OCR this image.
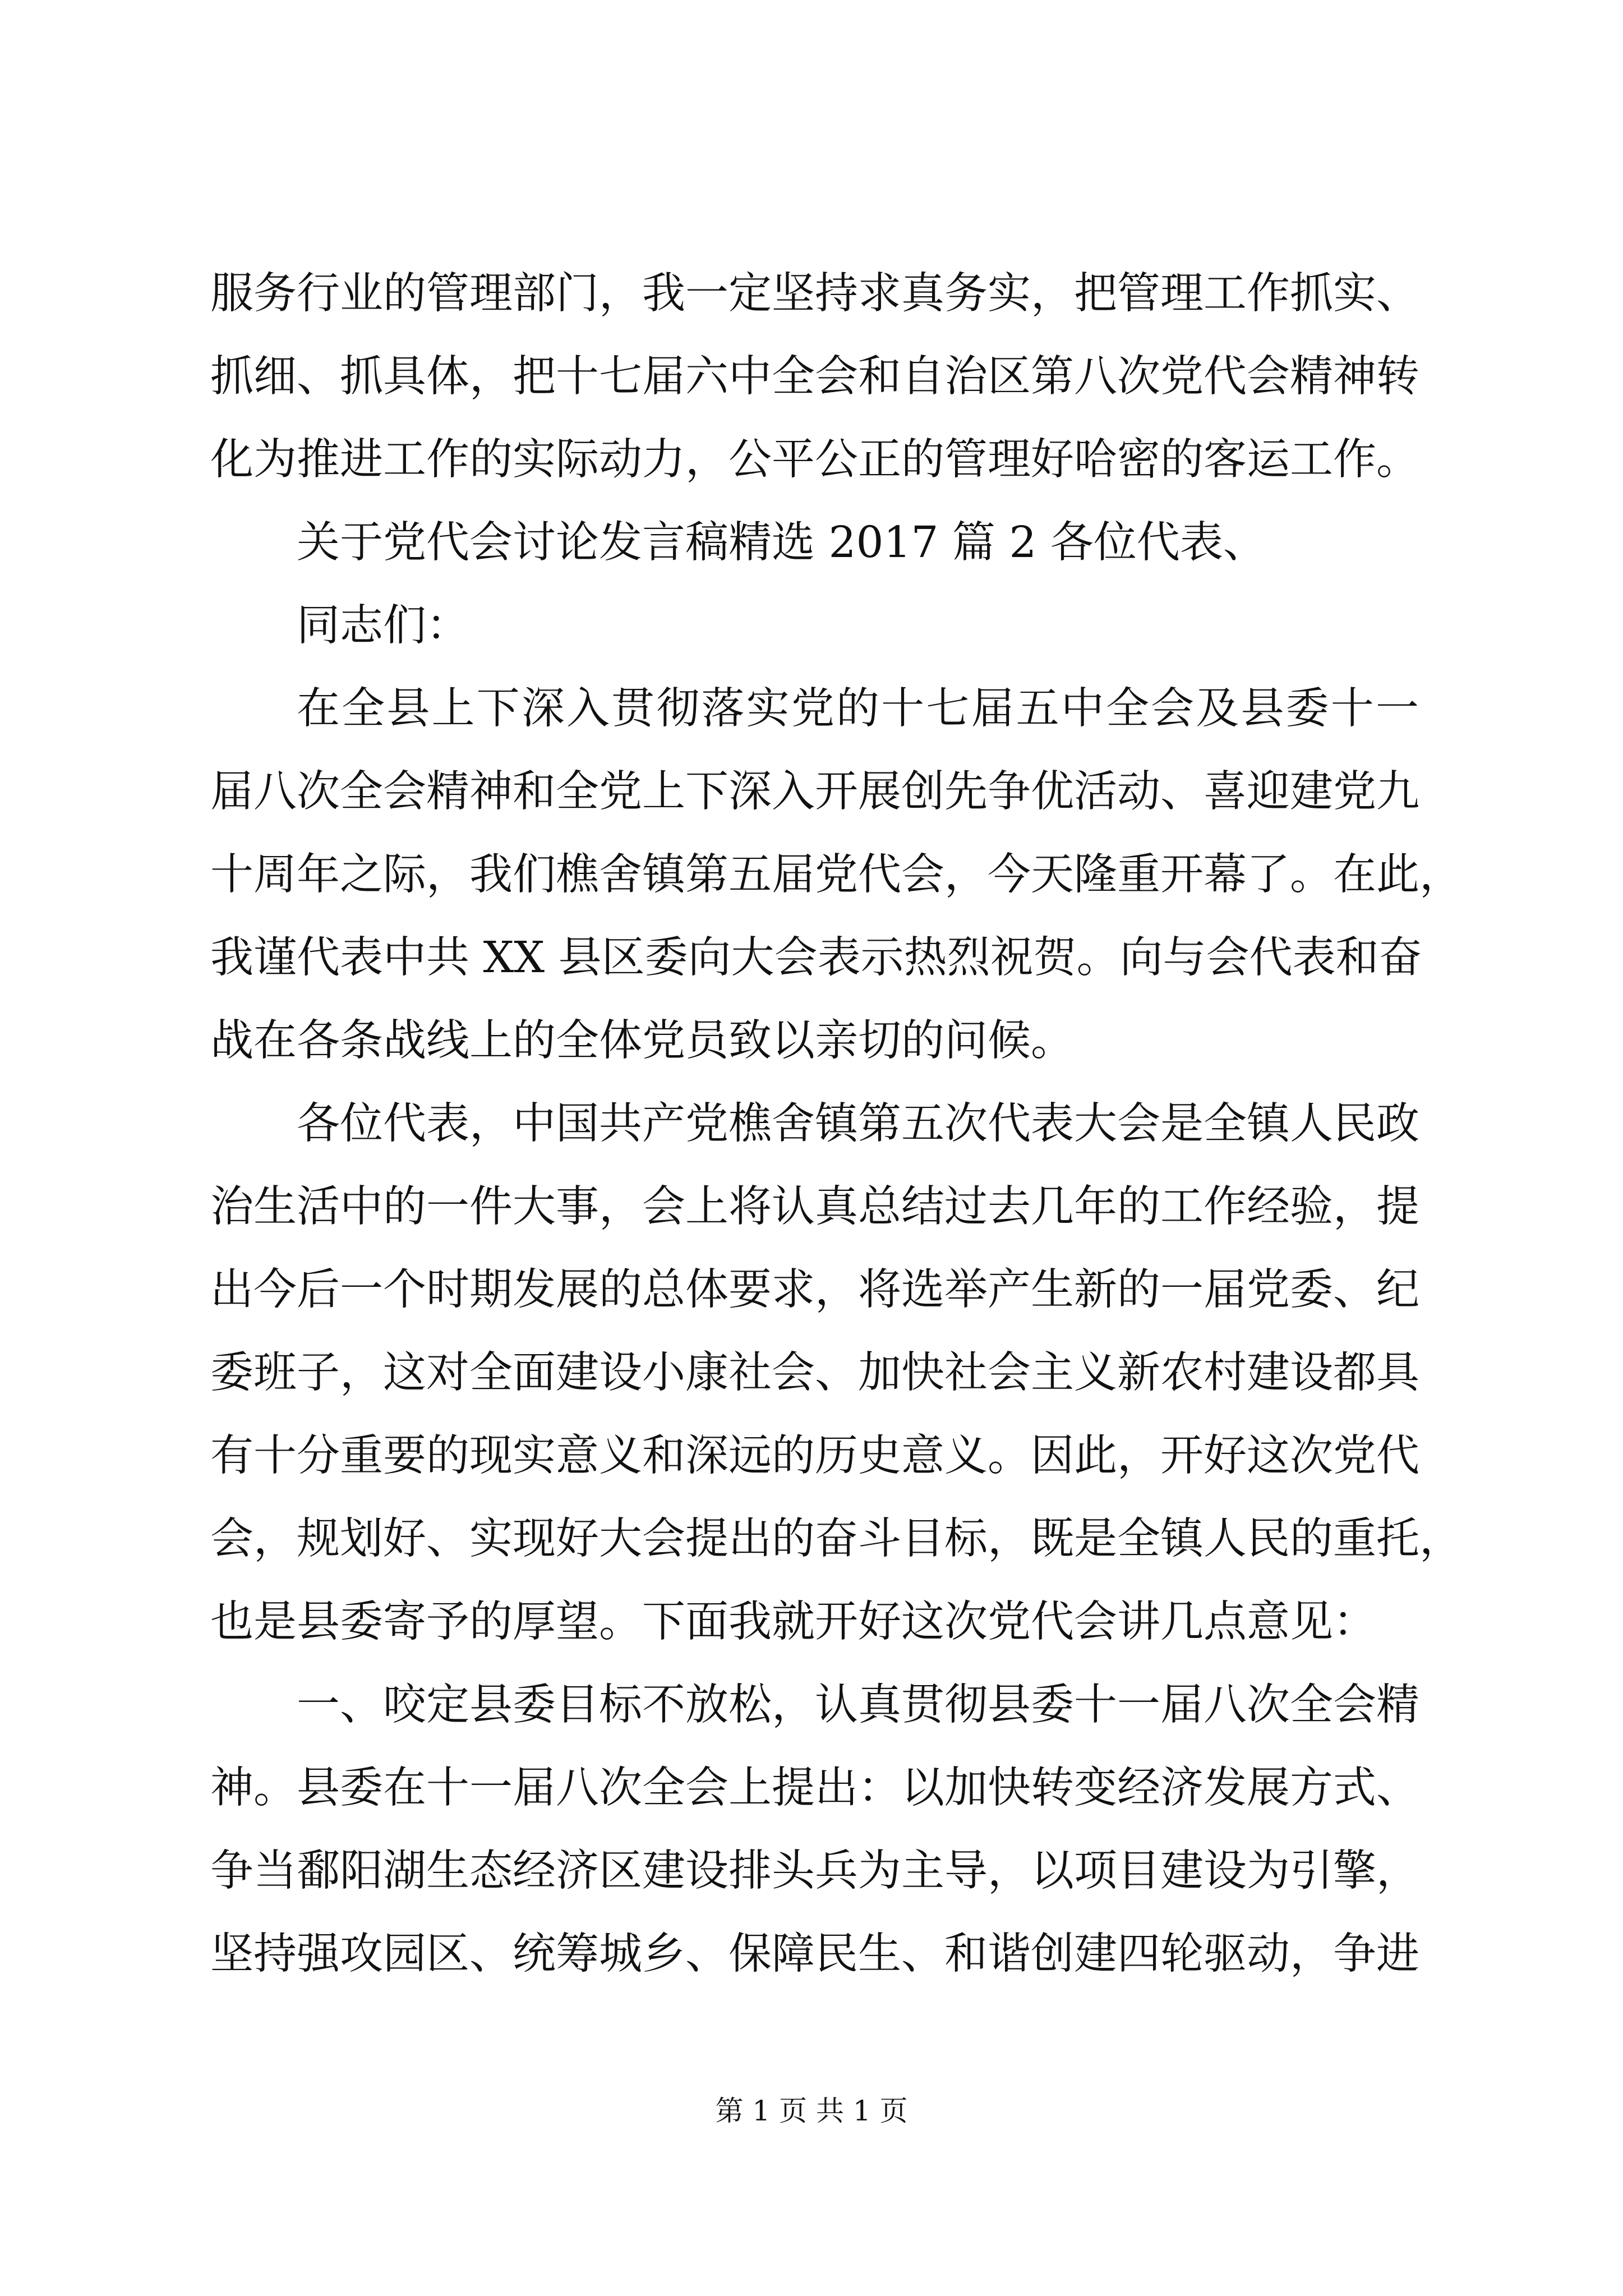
服务行业的管理部门，我一定坚持求真务实，把管理工作抓实、
抓细、抓具体，把十七届六中全会和自治区第八次党代会精神转
化为推进工作的实际动力，公平公正的管理好哈密的客运工作。
关于党代会讨论发言稿精选 2017 篇 2 各位代表、
同志们：
在全县上下深入贯彻落实党的十七届五中全会及县委十一
届八次全会精神和全党上下深入开展创先争优活动、喜迎建党九
十周年之际，我们樵舍镇第五届党代会，今天隆重开幕了。在此，
我谨代表中共 XX 县区委向大会表示热烈祝贺。向与会代表和奋
战在各条战线上的全体党员致以亲切的问候。
各位代表，中国共产党樵舍镇第五次代表大会是全镇人民政
治生活中的一件大事，会上将认真总结过去几年的工作经验，提
出今后一个时期发展的总体要求，将选举产生新的一届党委、纪
委班子，这对全面建设小康社会、加快社会主义新农村建设都具
有十分重要的现实意义和深远的历史意义。因此，开好这次党代
会，规划好、实现好大会提出的奋斗目标，既是全镇人民的重托，
也是县委寄予的厚望。下面我就开好这次党代会讲几点意见：
一、咬定县委目标不放松，认真贯彻县委十一届八次全会精
神。县委在十一届八次全会上提出：以加快转变经济发展方式、
争当鄱阳湖生态经济区建设排头兵为主导，以项目建设为引擎，
坚持强攻园区、统筹城乡、保障民生、和谐创建四轮驱动，争进
第 1 页 共 1 页
